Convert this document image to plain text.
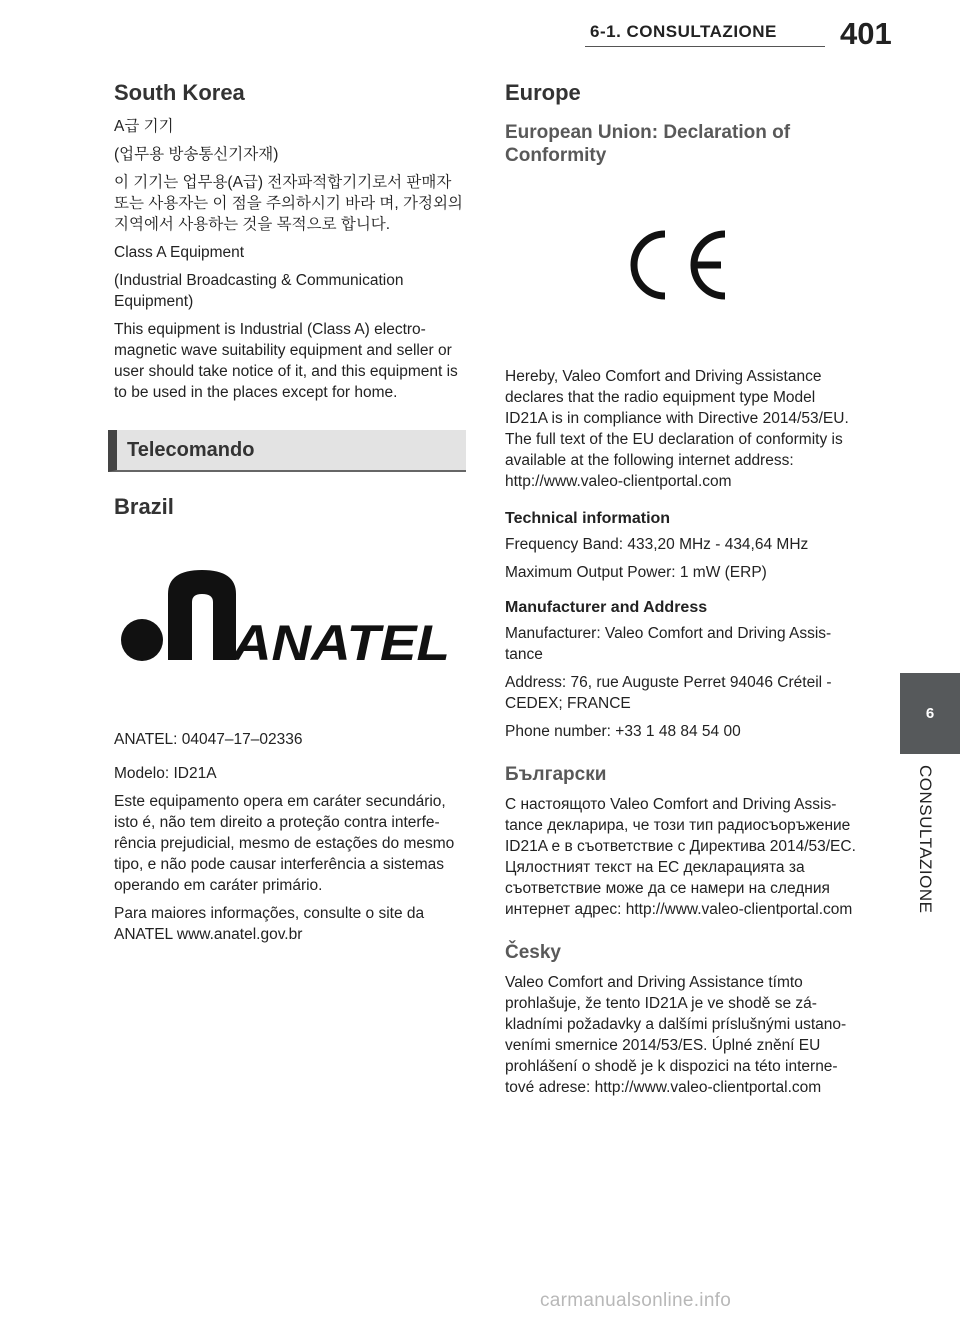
6-1. CONSULTAZIONE 401
6
CONSULTAZIONE
South Korea

A급 기기

(업무용 방송통신기자재)

이 기기는 업무용(A급) 전자파적합기기로서 판매자 또는 사용자는 이 점을 주의하시기 바라 며, 가정외의 지역에서 사용하는 것을 목적으로 합니다.

Class A Equipment

(Industrial Broadcasting & Communication Equipment)

This equipment is Industrial (Class A) electro-magnetic wave suitability equipment and seller or user should take notice of it, and this equipment is to be used in the places except for home.

Telecomando
Brazil
ANATEL

ANATEL: 04047–17–02336

Modelo: ID21A

Este equipamento opera em caráter secundário, isto é, não tem direito a proteção contra interfe-rência prejudicial, mesmo de estações do mesmo tipo, e não pode causar interferência a sistemas operando em caráter primário.

Para maiores informações, consulte o site da ANATEL www.anatel.gov.br

Europe
European Union: Declaration of Conformity

Hereby, Valeo Comfort and Driving Assistance declares that the radio equipment type Model ID21A is in compliance with Directive 2014/53/EU. The full text of the EU declaration of conformity is available at the following internet address: http://www.valeo-clientportal.com

Technical information

Frequency Band: 433,20 MHz - 434,64 MHz

Maximum Output Power: 1 mW (ERP)

Manufacturer and Address

Manufacturer: Valeo Comfort and Driving Assis-tance

Address: 76, rue Auguste Perret 94046 Créteil - CEDEX; FRANCE

Phone number: +33 1 48 84 54 00

Български

С настоящото Valeo Comfort and Driving Assis-tance декларира, че този тип радиосъоръжение ID21A е в съответствие с Директива 2014/53/ЕС. Цялостният текст на ЕС декларацията за съответствие може да се намери на следния интернет адрес: http://www.valeo-clientportal.com

Česky

Valeo Comfort and Driving Assistance tímto prohlašuje, že tento ID21A je ve shodě se zá-kladními požadavky a dalšími príslušnými ustano-veními smernice 2014/53/ES. Úplné znění EU prohlášení o shodě je k dispozici na této interne-tové adrese: http://www.valeo-clientportal.com

carmanualsonline.info
